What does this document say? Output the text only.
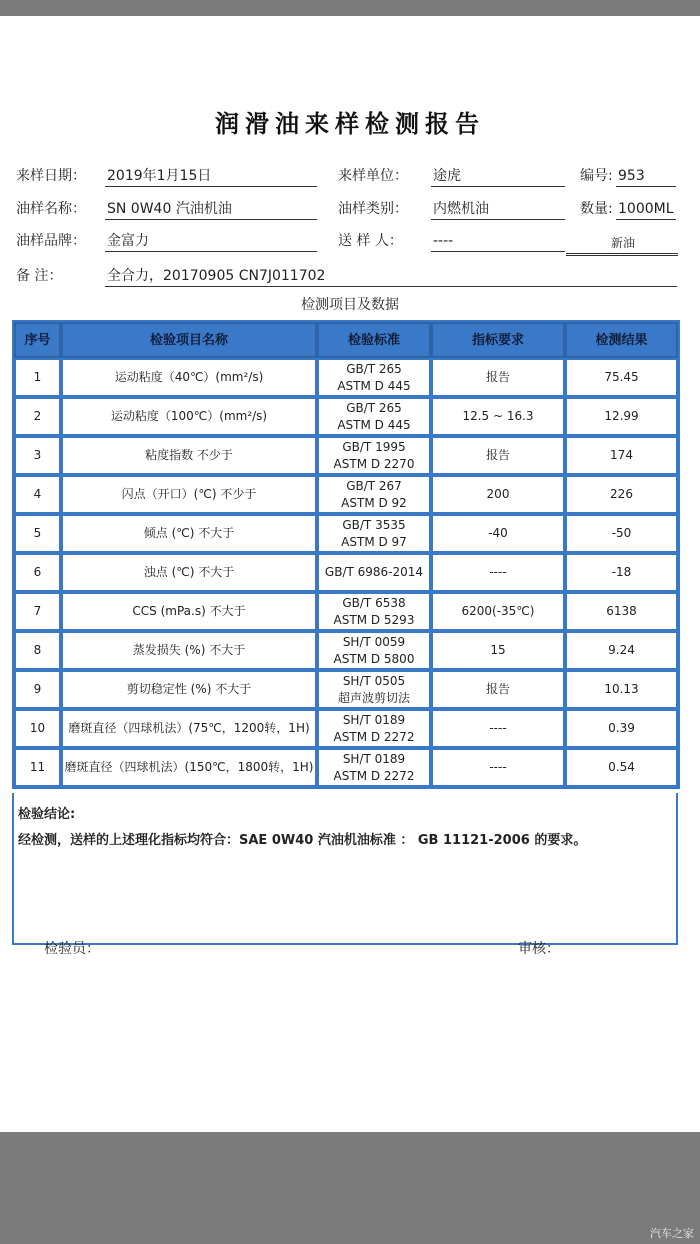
润滑油来样检测报告
来样日期： 2019年1月15日	来样单位： 途虎	编号: 953
油样名称： SN 0W40 汽油机油	油样类别： 内燃机油	数量: 1000ML
油样品牌： 金富力	送 样 人： ----	新油
备 注：	全合力，20170905 CN7J011702
检测项目及数据
序号	检验项目名称	检验标准	指标要求	检测结果
1	运动粘度（40℃）(mm²/s)	GB/T 265
ASTM D 445	报告	75.45
2	运动粘度（100℃）(mm²/s)	GB/T 265
ASTM D 445	12.5 ~ 16.3	12.99
3	粘度指数 不少于	GB/T 1995
ASTM D 2270	报告	174
4	闪点（开口）(℃) 不少于	GB/T 267
ASTM D 92	200	226
5	倾点 (℃) 不大于	GB/T 3535
ASTM D 97	-40	-50
6	浊点 (℃) 不大于	GB/T 6986-2014	----	-18
7	CCS (mPa.s) 不大于	GB/T 6538
ASTM D 5293	6200(-35℃)	6138
8	蒸发损失 (%) 不大于	SH/T 0059
ASTM D 5800	15	9.24
9	剪切稳定性 (%) 不大于	SH/T 0505
超声波剪切法	报告	10.13
10	磨斑直径（四球机法）(75℃，1200转，1H)	SH/T 0189
ASTM D 2272	----	0.39
11	磨斑直径（四球机法）(150℃，1800转，1H)	SH/T 0189
ASTM D 2272	----	0.54
检验结论:
经检测，送样的上述理化指标均符合：SAE 0W40 汽油机油标准 ： GB 11121-2006 的要求。
检验员：	审核：
汽车之家
